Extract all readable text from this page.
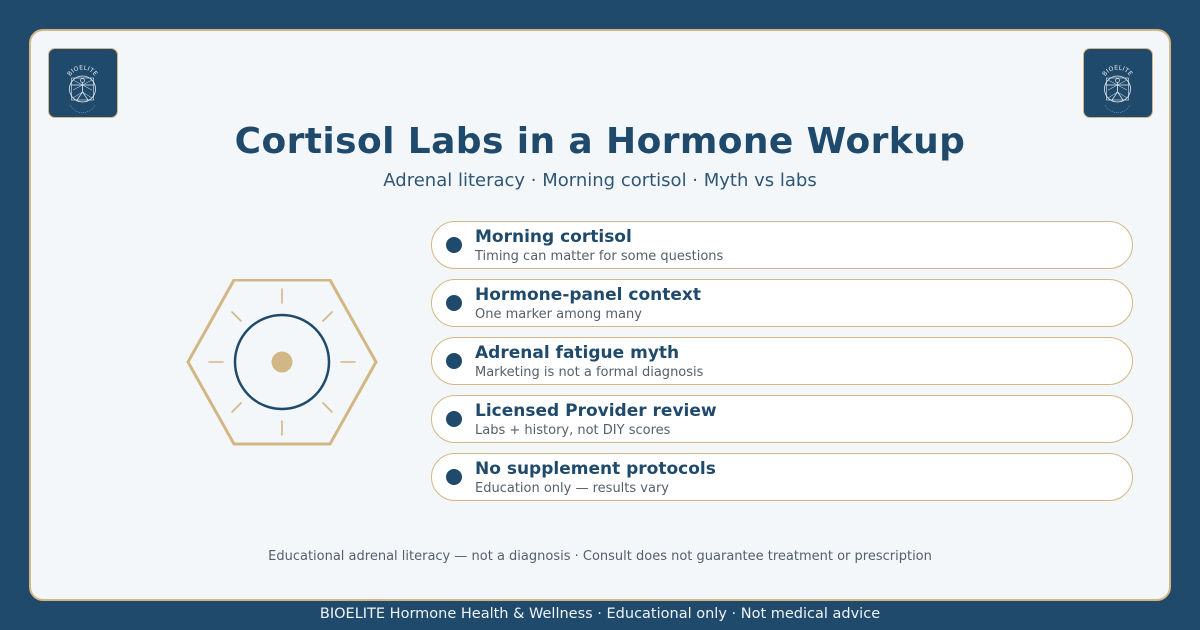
BIOELITE	BIOELITE
Cortisol Labs in a Hormone Workup
Adrenal literacy · Morning cortisol · Myth vs labs
Morning cortisol
Timing can matter for some questions
Hormone-panel context
One marker among many
Adrenal fatigue myth
Marketing is not a formal diagnosis
Licensed Provider review
Labs + history, not DIY scores
No supplement protocols
Education only — results vary
Educational adrenal literacy — not a diagnosis · Consult does not guarantee treatment or prescription
BIOELITE Hormone Health & Wellness · Educational only · Not medical advice
